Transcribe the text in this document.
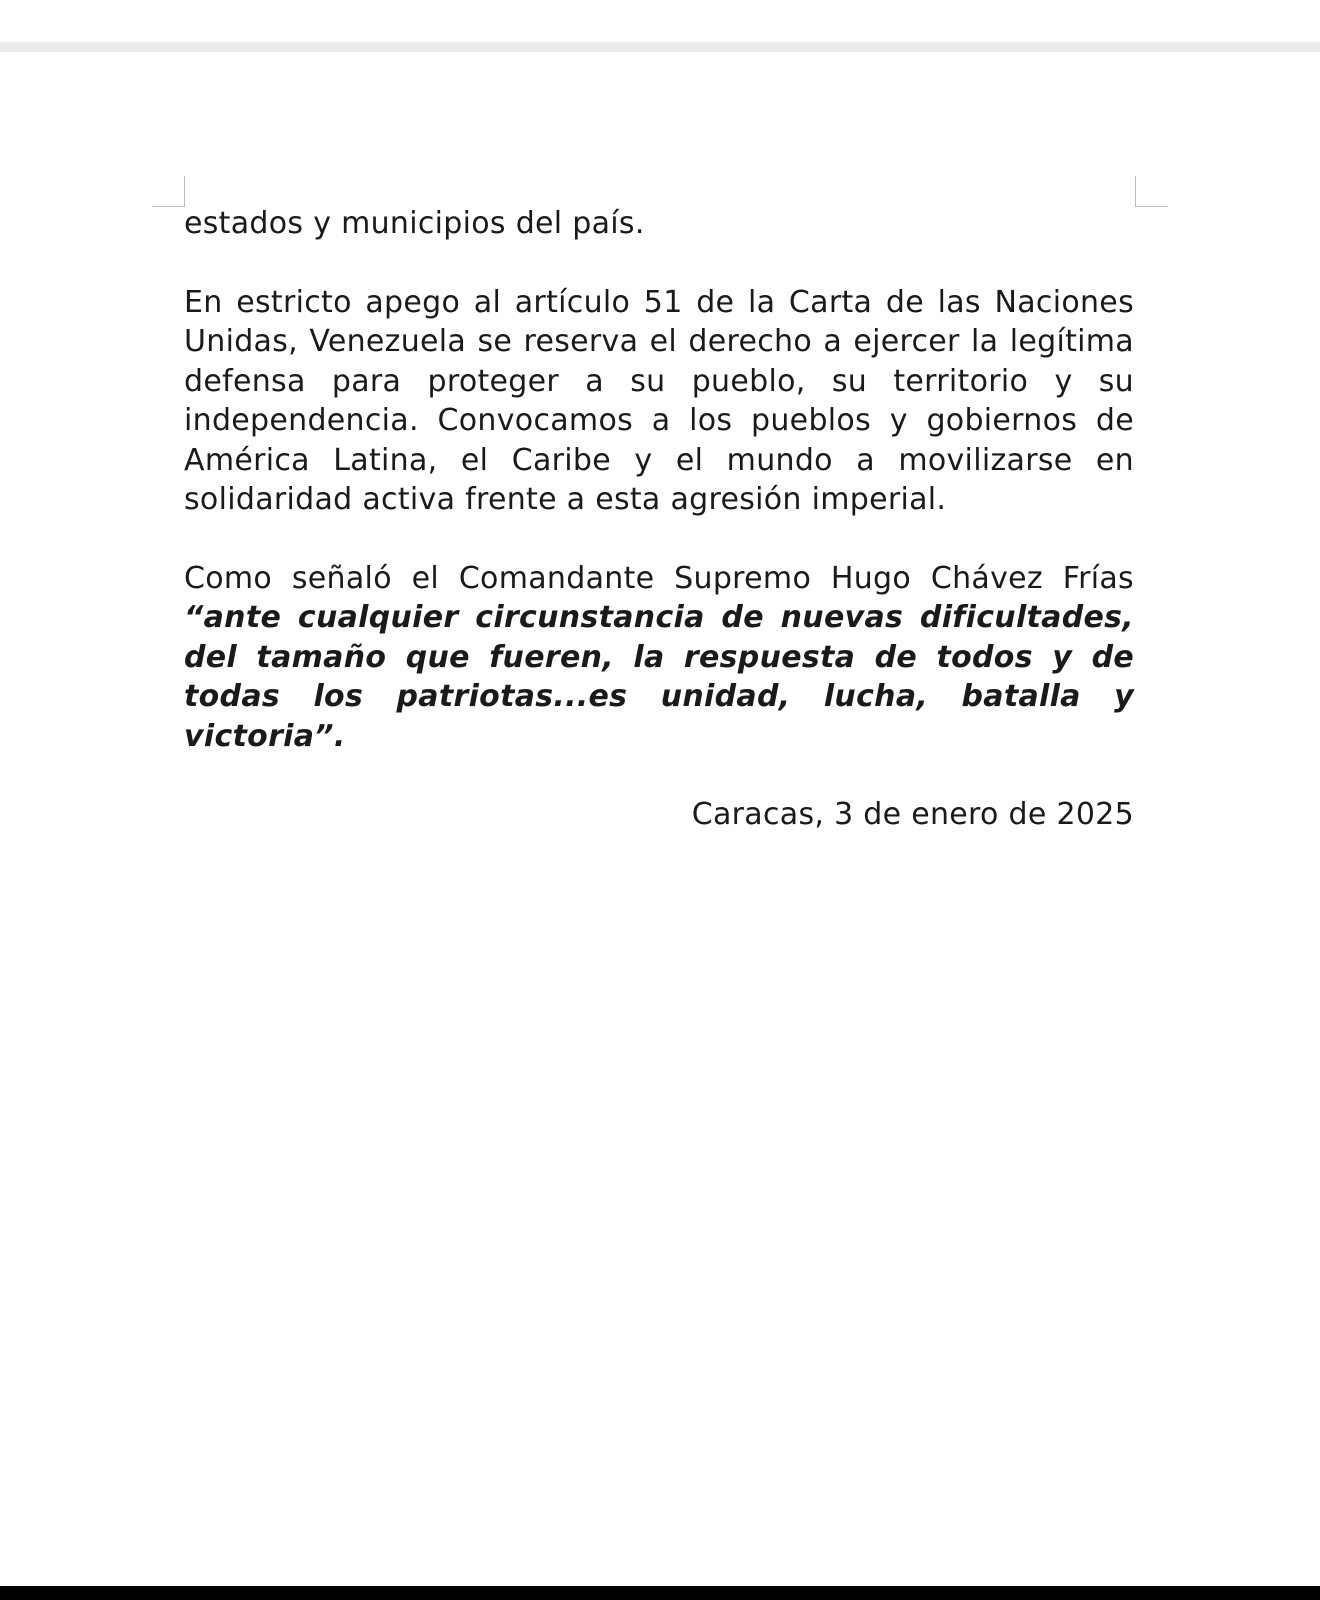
estados y municipios del país.

En estricto apego al artículo 51 de la Carta de las Naciones Unidas, Venezuela se reserva el derecho a ejercer la legítima defensa para proteger a su pueblo, su territorio y su independencia. Convocamos a los pueblos y gobiernos de América Latina, el Caribe y el mundo a movilizarse en solidaridad activa frente a esta agresión imperial.

Como señaló el Comandante Supremo Hugo Chávez Frías “ante cualquier circunstancia de nuevas dificultades, del tamaño que fueren, la respuesta de todos y de todas los patriotas...es unidad, lucha, batalla y victoria”.

Caracas, 3 de enero de 2025
